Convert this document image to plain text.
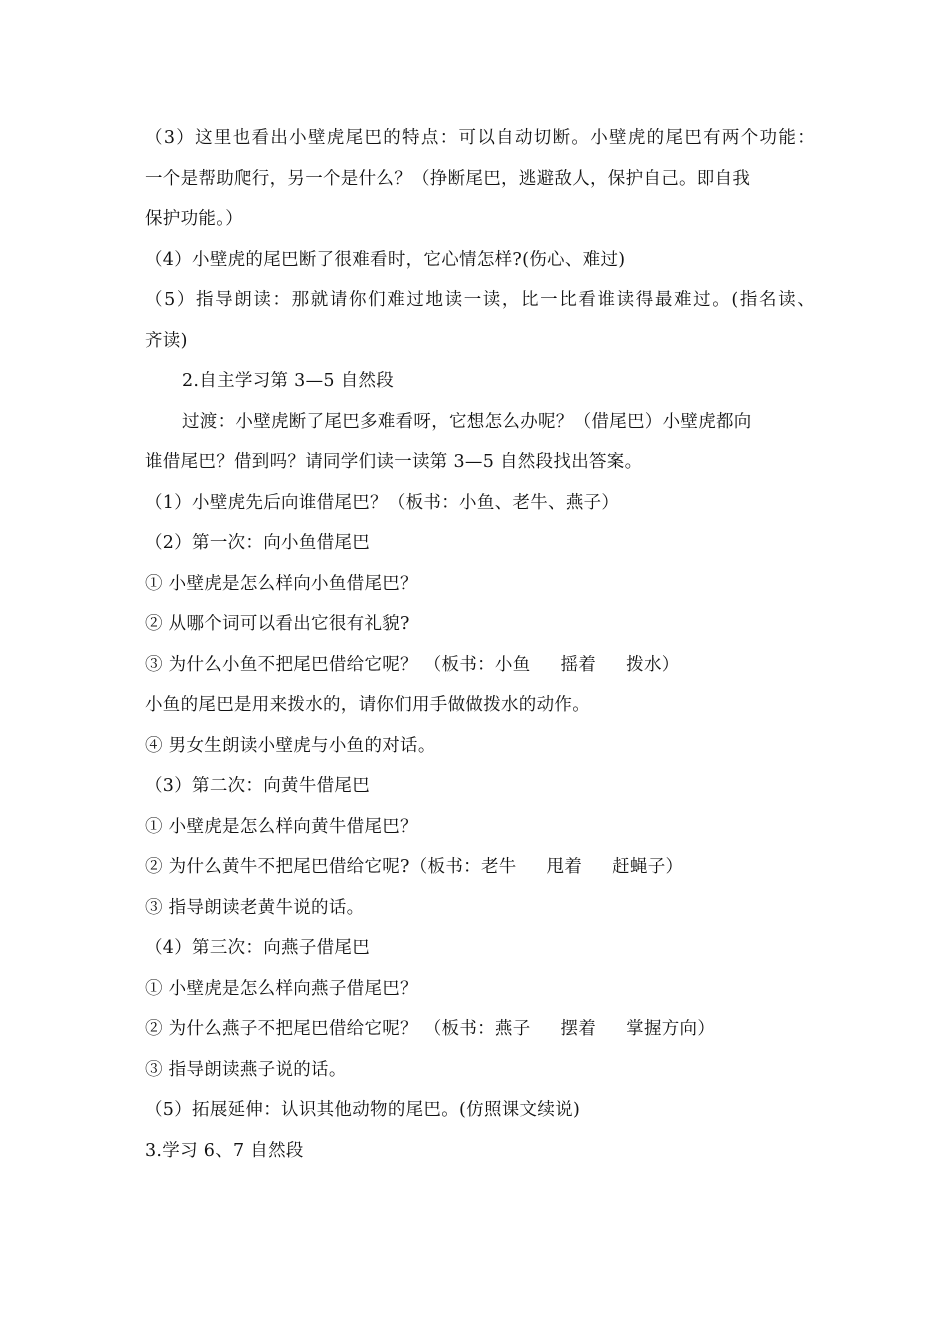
（3）这里也看出小壁虎尾巴的特点：可以自动切断。小壁虎的尾巴有两个功能：
一个是帮助爬行，另一个是什么？（挣断尾巴，逃避敌人，保护自己。即自我
保护功能。）
（4）小壁虎的尾巴断了很难看时，它心情怎样?(伤心、难过)
（5）指导朗读：那就请你们难过地读一读，比一比看谁读得最难过。(指名读、
齐读)
2.自主学习第 3—5 自然段
过渡：小壁虎断了尾巴多难看呀，它想怎么办呢？（借尾巴）小壁虎都向
谁借尾巴？借到吗？请同学们读一读第 3—5 自然段找出答案。
（1）小壁虎先后向谁借尾巴？（板书：小鱼、老牛、燕子）
（2）第一次：向小鱼借尾巴
① 小壁虎是怎么样向小鱼借尾巴？
② 从哪个词可以看出它很有礼貌?
③ 为什么小鱼不把尾巴借给它呢？ （板书：小鱼 摇着 拨水）
小鱼的尾巴是用来拨水的，请你们用手做做拨水的动作。
④ 男女生朗读小壁虎与小鱼的对话。
（3）第二次：向黄牛借尾巴
① 小壁虎是怎么样向黄牛借尾巴？
② 为什么黄牛不把尾巴借给它呢?（板书：老牛 甩着 赶蝇子）
③ 指导朗读老黄牛说的话。
（4）第三次：向燕子借尾巴
① 小壁虎是怎么样向燕子借尾巴？
② 为什么燕子不把尾巴借给它呢？ （板书：燕子 摆着 掌握方向）
③ 指导朗读燕子说的话。
（5）拓展延伸：认识其他动物的尾巴。(仿照课文续说)
3.学习 6、7 自然段
